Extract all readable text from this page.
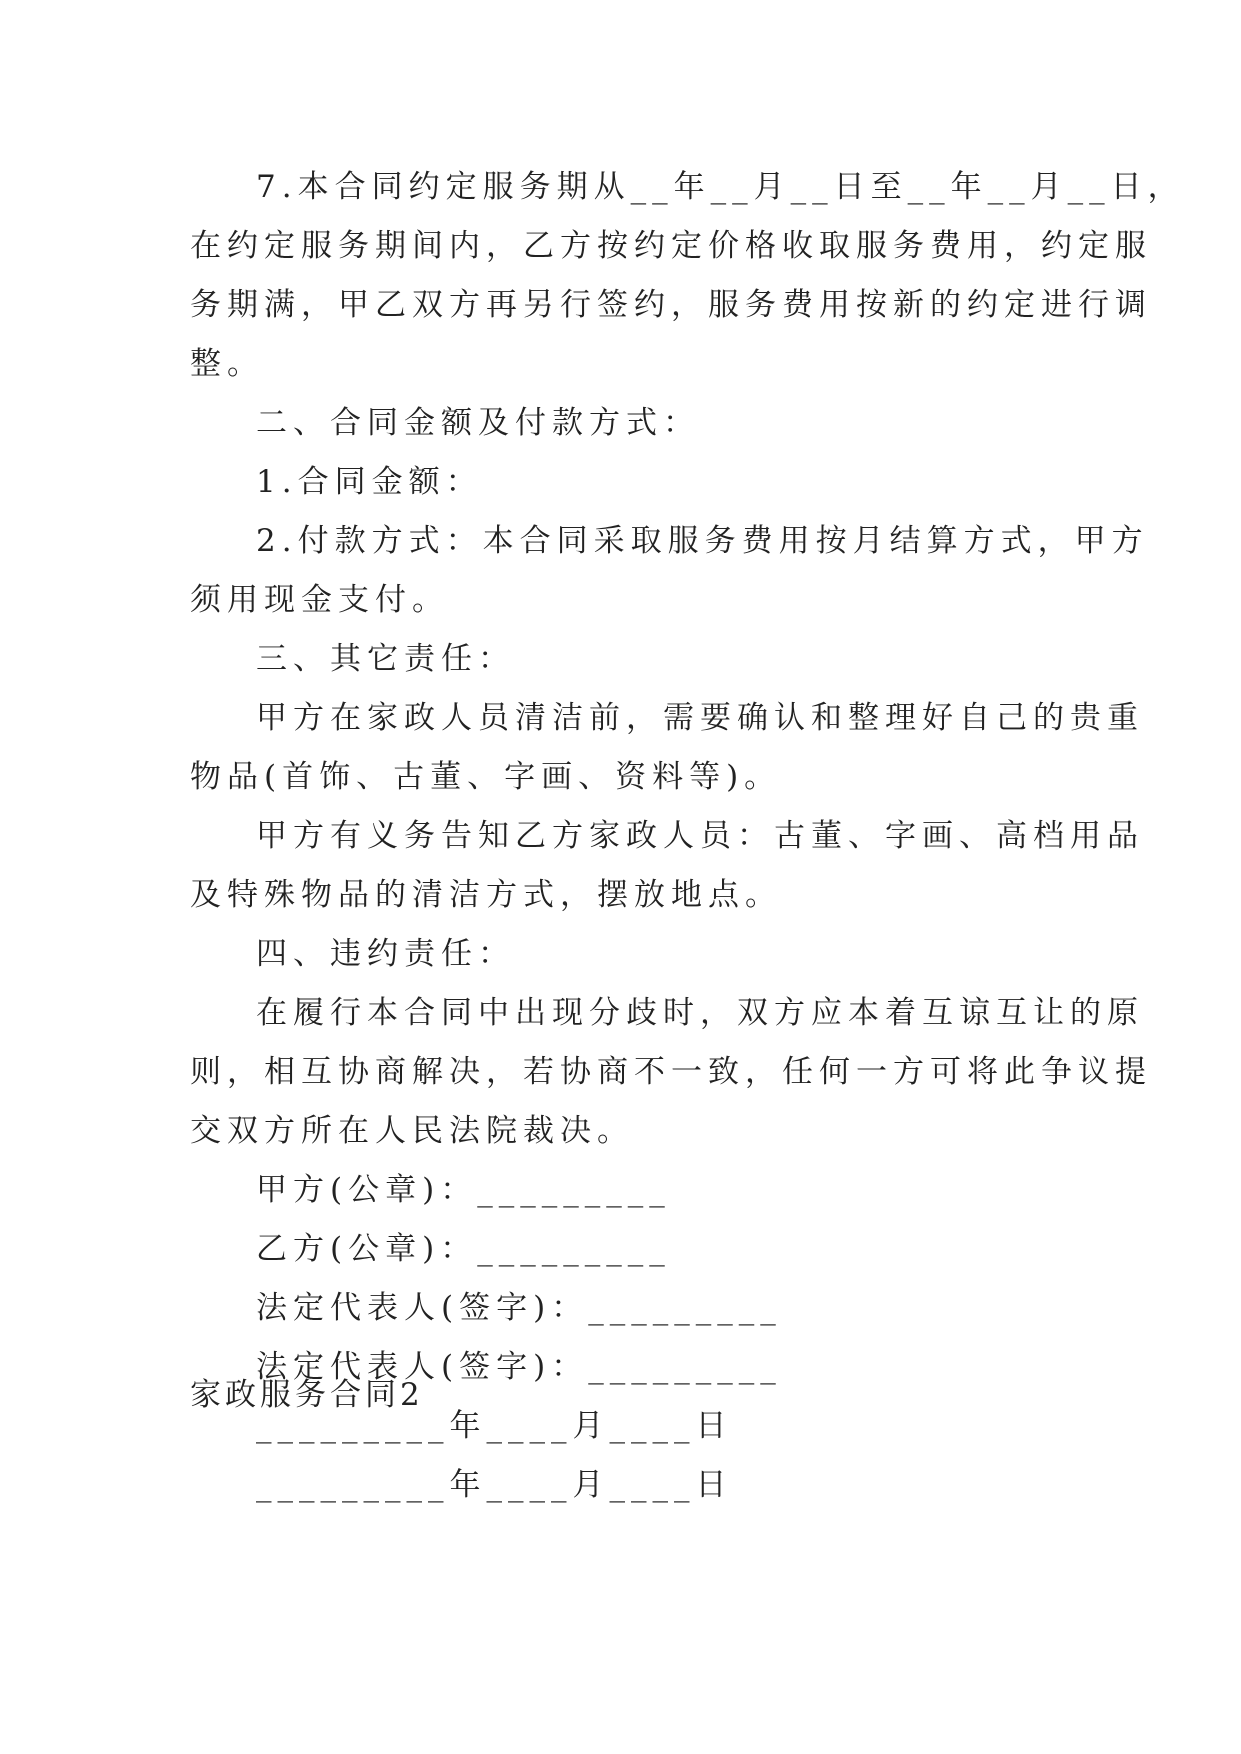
7.本合同约定服务期从__年__月__日至__年__月__日，

在约定服务期间内，乙方按约定价格收取服务费用，约定服

务期满，甲乙双方再另行签约，服务费用按新的约定进行调

整。

二、合同金额及付款方式：

1.合同金额：

2.付款方式：本合同采取服务费用按月结算方式，甲方

须用现金支付。

三、其它责任：

甲方在家政人员清洁前，需要确认和整理好自己的贵重

物品(首饰、古董、字画、资料等)。

甲方有义务告知乙方家政人员：古董、字画、高档用品

及特殊物品的清洁方式，摆放地点。

四、违约责任：

在履行本合同中出现分歧时，双方应本着互谅互让的原

则，相互协商解决，若协商不一致，任何一方可将此争议提

交双方所在人民法院裁决。

甲方(公章)：_________

乙方(公章)：_________

法定代表人(签字)：_________

法定代表人(签字)：_________

_________年____月____日

_________年____月____日

家政服务合同2
